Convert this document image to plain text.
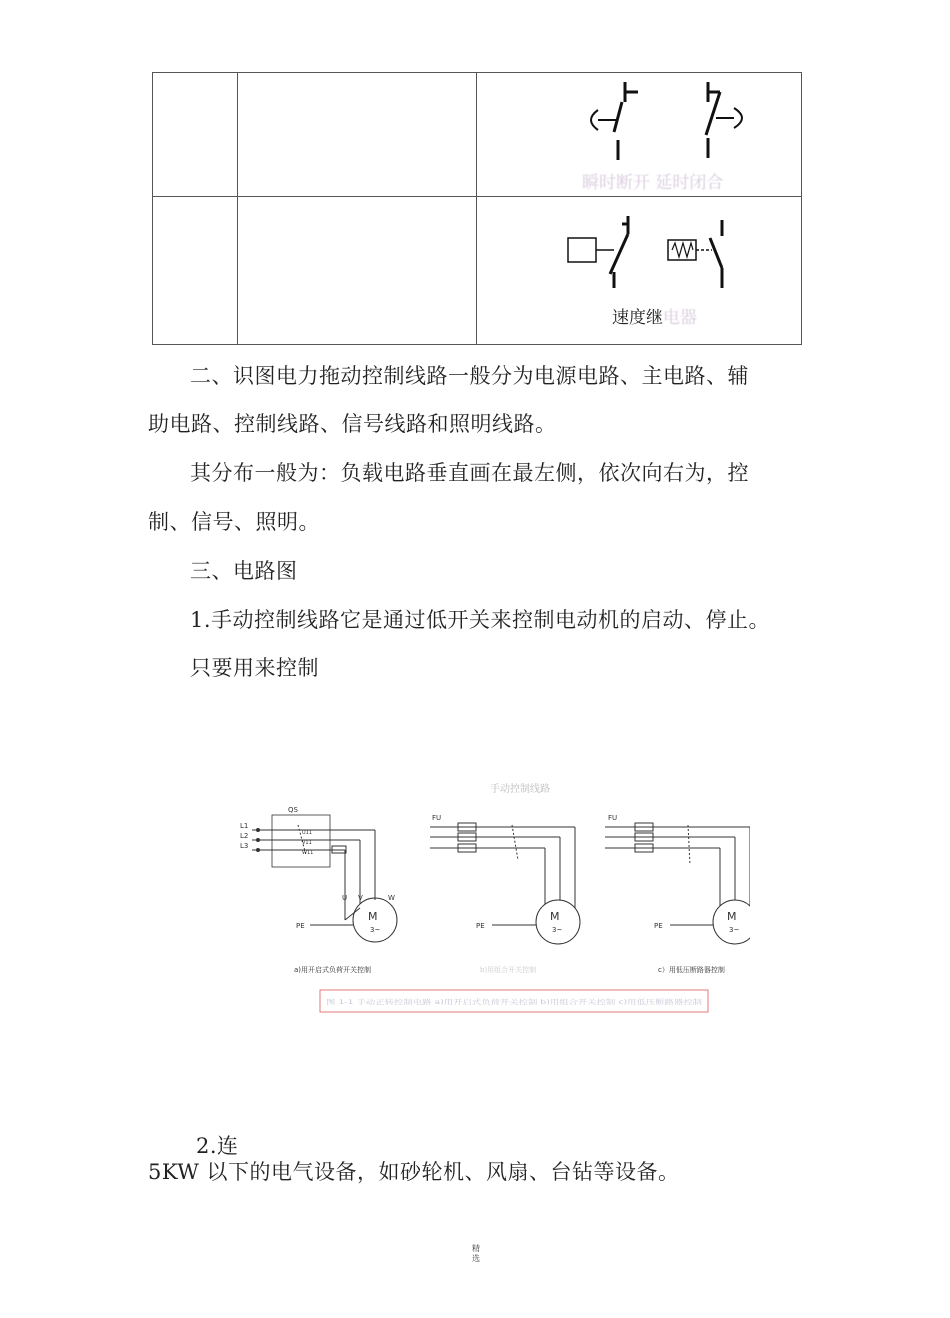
瞬时断开 延时闭合
速度继电器
二、识图电力拖动控制线路一般分为电源电路、主电路、辅
助电路、控制线路、信号线路和照明线路。
其分布一般为：负载电路垂直画在最左侧，依次向右为，控
制、信号、照明。
三、电路图
1.手动控制线路它是通过低开关来控制电动机的启动、停止。
只要用来控制
手动控制线路
L1
L2
L3
QS
U11
V11
W11
U V	W
M
3~
PE
FU
M
3~
PE
FU
M
3~
PE
a)用开启式负荷开关控制	b)用组合开关控制	c）用低压断路器控制
图 1-1 手动正转控制电路 a)用开启式负荷开关控制 b)用组合开关控制 c)用低压断路器控制
2.连
5KW 以下的电气设备，如砂轮机、风扇、台钻等设备。
精选
